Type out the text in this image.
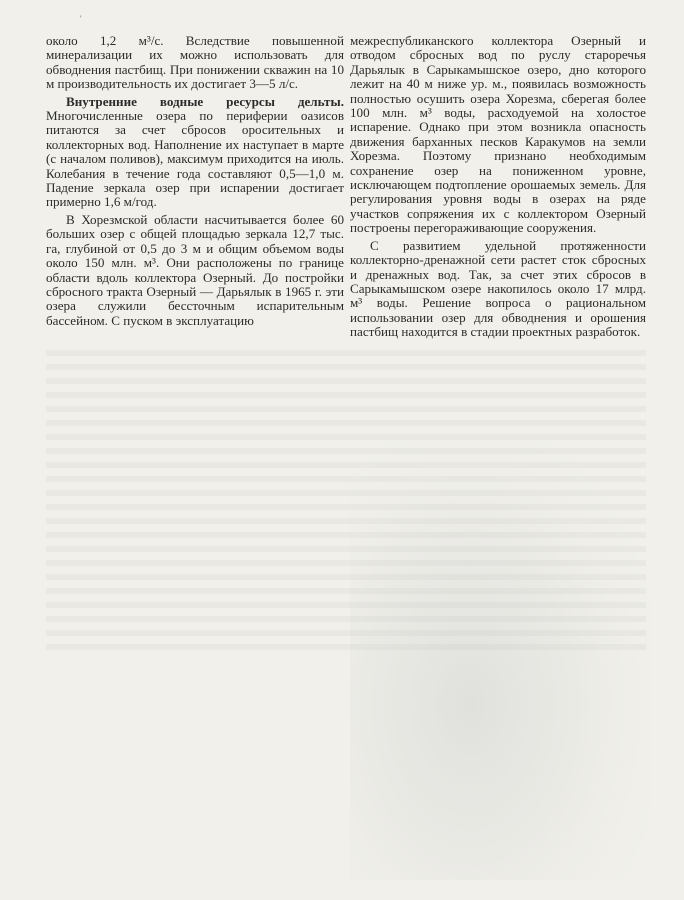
'

около 1,2 м³/с. Вследствие повышенной минерализации их можно использовать для обводнения пастбищ. При понижении скважин на 10 м производительность их достигает 3—5 л/с.

Внутренние водные ресурсы дельты. Многочисленные озера по периферии оазисов питаются за счет сбросов оросительных и коллекторных вод. Наполнение их наступает в марте (с началом поливов), максимум приходится на июль. Колебания в течение года составляют 0,5—1,0 м. Падение зеркала озер при испарении достигает примерно 1,6 м/год.

В Хорезмской области насчитывается более 60 больших озер с общей площадью зеркала 12,7 тыс. га, глубиной от 0,5 до 3 м и общим объемом воды около 150 млн. м³. Они расположены по границе области вдоль коллектора Озерный. До постройки сбросного тракта Озерный — Дарьялык в 1965 г. эти озера служили бессточным испарительным бассейном. С пуском в эксплуатацию

межреспубликанского коллектора Озерный и отводом сбросных вод по руслу староречья Дарьялык в Сарыкамышское озеро, дно которого лежит на 40 м ниже ур. м., появилась возможность полностью осушить озера Хорезма, сберегая более 100 млн. м³ воды, расходуемой на холостое испарение. Однако при этом возникла опасность движения барханных песков Каракумов на земли Хорезма. Поэтому признано необходимым сохранение озер на пониженном уровне, исключающем подтопление орошаемых земель. Для регулирования уровня воды в озерах на ряде участков сопряжения их с коллектором Озерный построены перегораживающие сооружения.

С развитием удельной протяженности коллекторно-дренажной сети растет сток сбросных и дренажных вод. Так, за счет этих сбросов в Сарыкамышском озере накопилось около 17 млрд. м³ воды. Решение вопроса о рациональном использовании озер для обводнения и орошения пастбищ находится в стадии проектных разработок.
